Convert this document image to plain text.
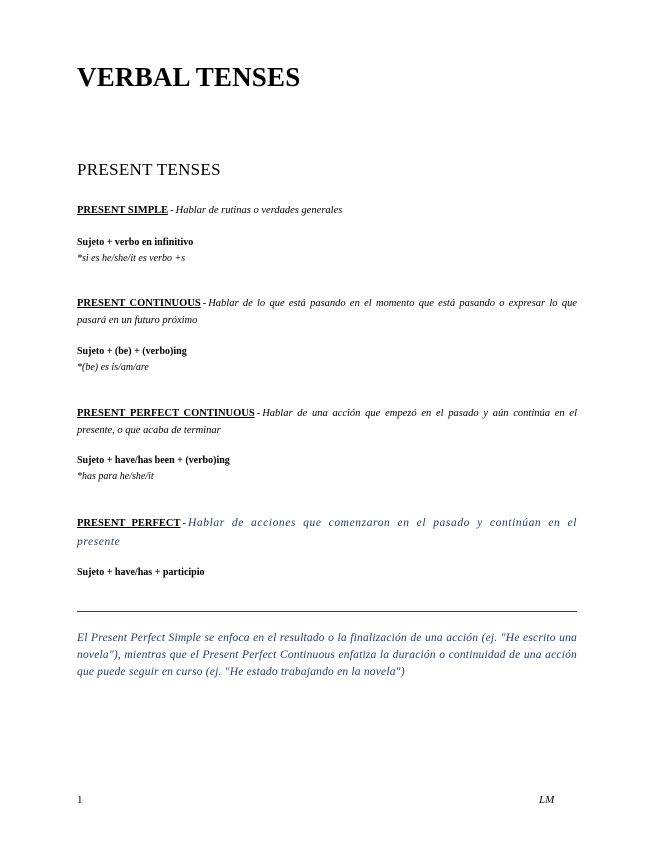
VERBAL TENSES
PRESENT TENSES
PRESENT SIMPLE - Hablar de rutinas o verdades generales
Sujeto + verbo en infinitivo
*si es he/she/it es verbo +s
PRESENT CONTINUOUS - Hablar de lo que está pasando en el momento que está pasando o expresar lo que pasará en un futuro próximo
Sujeto + (be) + (verbo)ing
*(be) es is/am/are
PRESENT PERFECT CONTINUOUS - Hablar de una acción que empezó en el pasado y aún continúa en el presente, o que acaba de terminar
Sujeto + have/has been + (verbo)ing
*has para he/she/it
PRESENT PERFECT - Hablar de acciones que comenzaron en el pasado y continúan en el presente
Sujeto + have/has + participio
El Present Perfect Simple se enfoca en el resultado o la finalización de una acción (ej. "He escrito una novela"), mientras que el Present Perfect Continuous enfatiza la duración o continuidad de una acción que puede seguir en curso (ej. "He estado trabajando en la novela")
1	LM
